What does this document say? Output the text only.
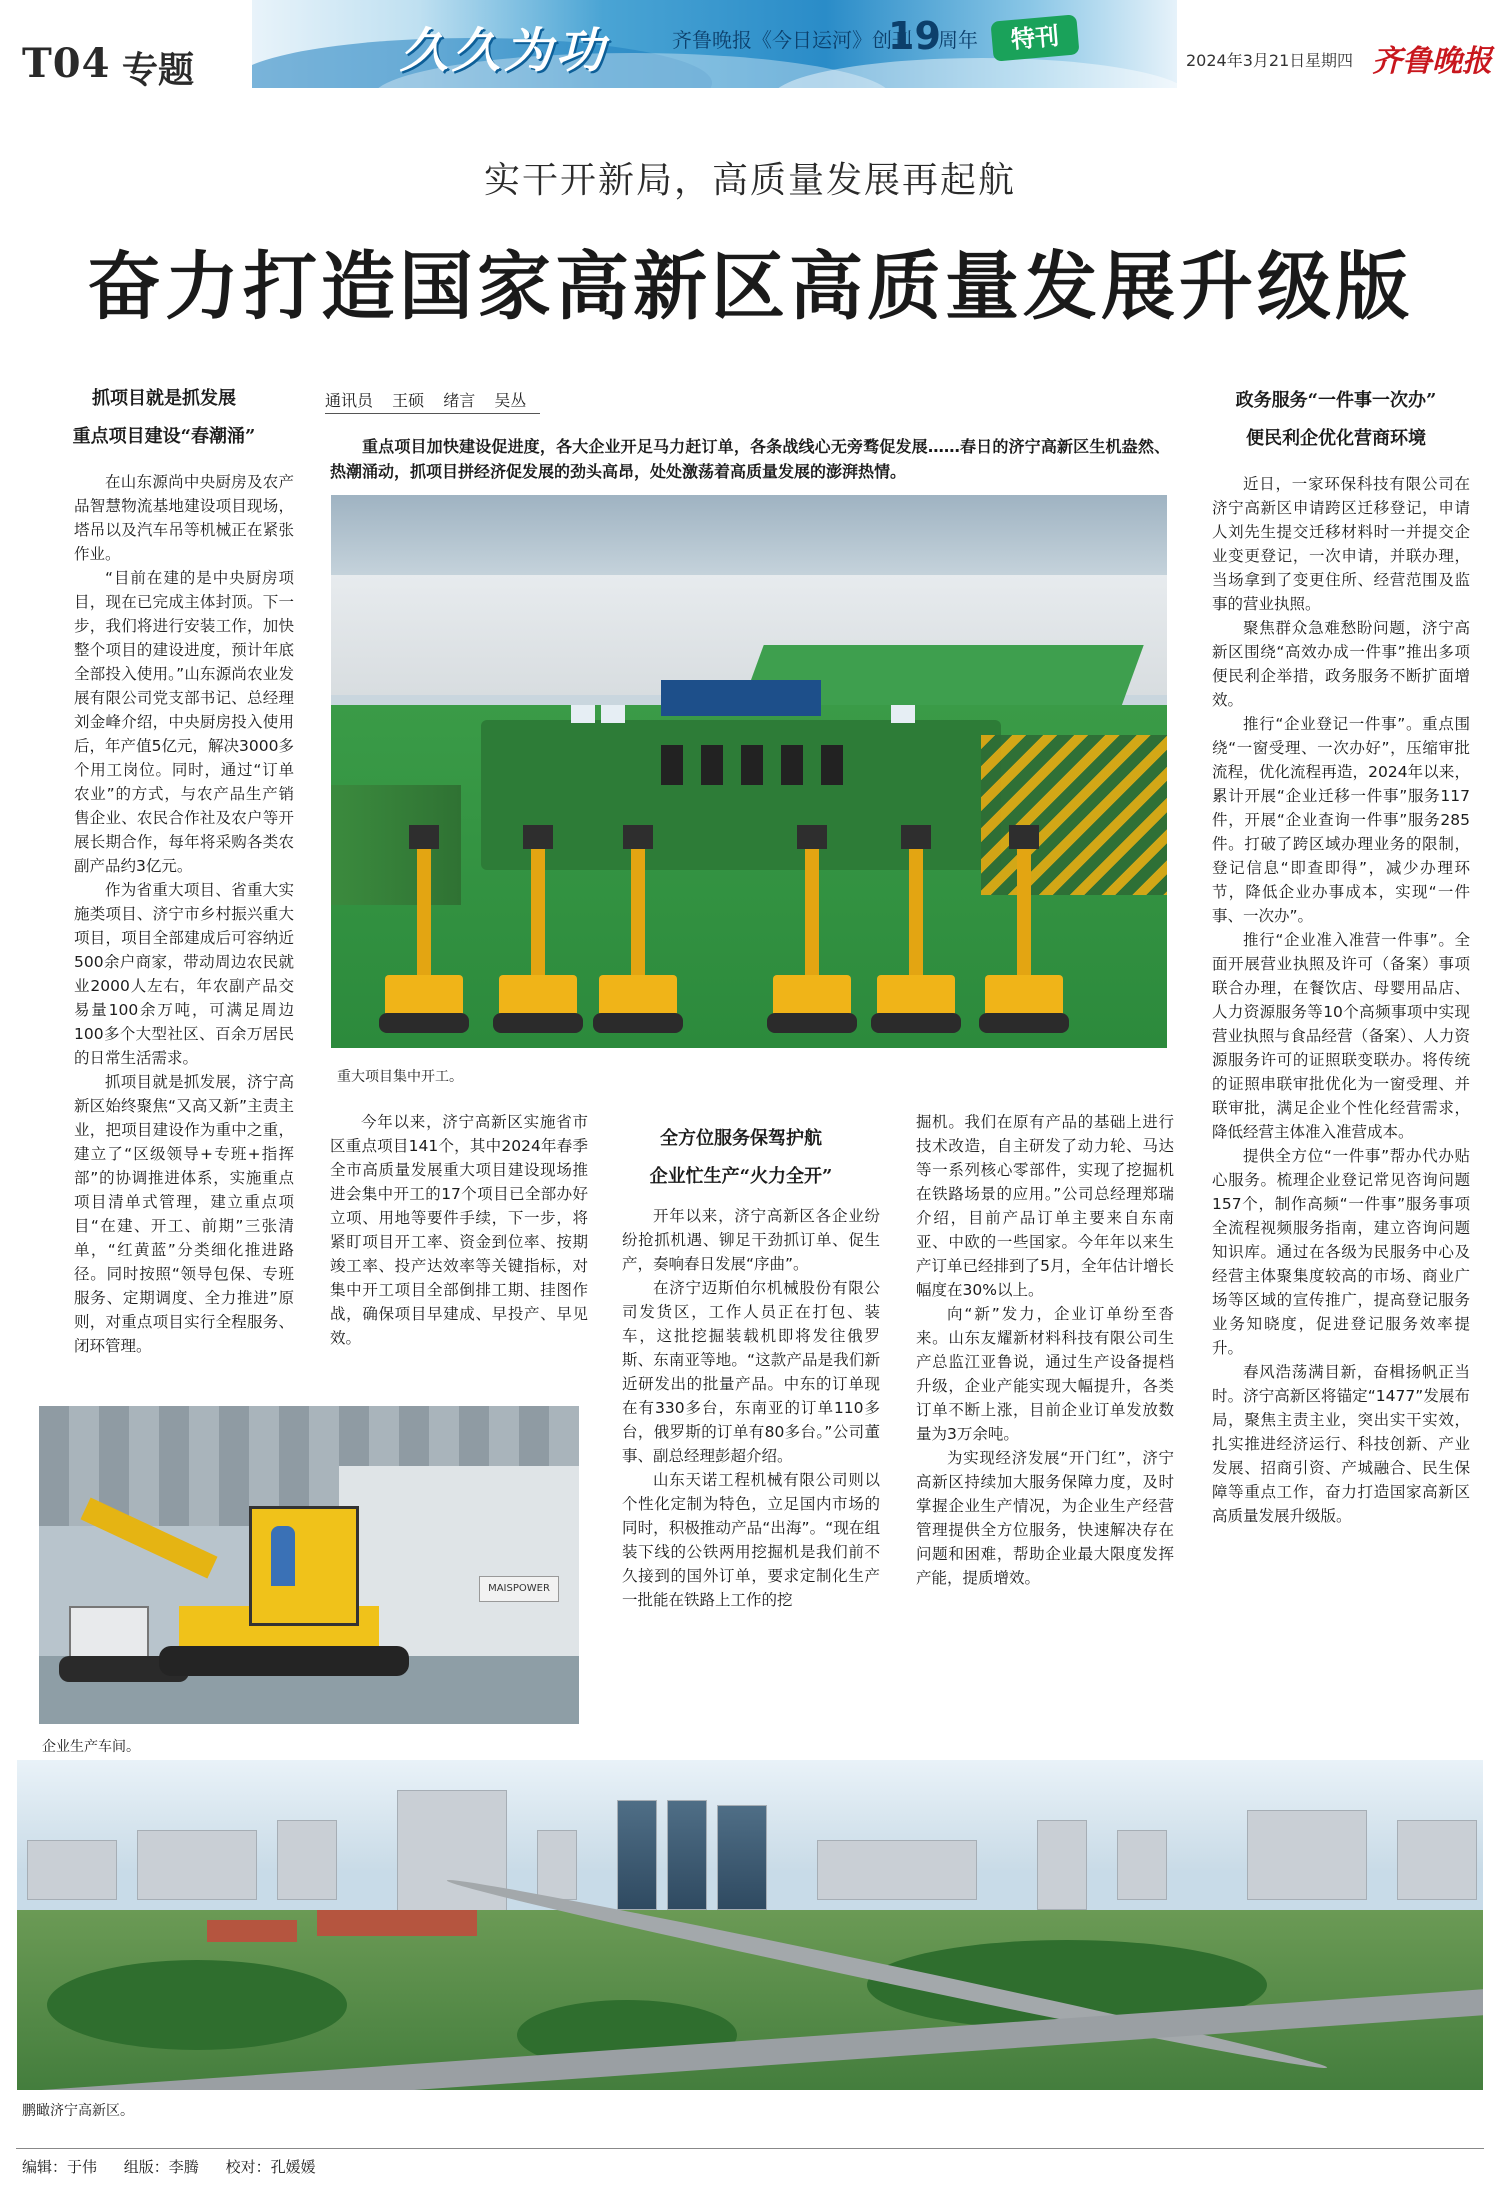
T04 专题	久久为功	齐鲁晚报《今日运河》创刊
19
周年	特刊
2024年3月21日 星期四 齐鲁晚报
实干开新局，高质量发展再起航
奋力打造国家高新区高质量发展升级版
抓项目就是抓发展
重点项目建设“春潮涌”

在山东源尚中央厨房及农产品智慧物流基地建设项目现场，塔吊以及汽车吊等机械正在紧张作业。

“目前在建的是中央厨房项目，现在已完成主体封顶。下一步，我们将进行安装工作，加快整个项目的建设进度，预计年底全部投入使用。”山东源尚农业发展有限公司党支部书记、总经理刘金峰介绍，中央厨房投入使用后，年产值5亿元，解决3000多个用工岗位。同时，通过“订单农业”的方式，与农产品生产销售企业、农民合作社及农户等开展长期合作，每年将采购各类农副产品约3亿元。

作为省重大项目、省重大实施类项目、济宁市乡村振兴重大项目，项目全部建成后可容纳近500余户商家，带动周边农民就业2000人左右，年农副产品交易量100余万吨，可满足周边100多个大型社区、百余万居民的日常生活需求。

抓项目就是抓发展，济宁高新区始终聚焦“又高又新”主责主业，把项目建设作为重中之重，建立了“区级领导+专班+指挥部”的协调推进体系，实施重点项目清单式管理，建立重点项目“在建、开工、前期”三张清单，“红黄蓝”分类细化推进路径。同时按照“领导包保、专班服务、定期调度、全力推进”原则，对重点项目实行全程服务、闭环管理。

通讯员 王硕 绪言 吴丛
重点项目加快建设促进度，各大企业开足马力赶订单，各条战线心无旁骛促发展……春日的济宁高新区生机盎然、热潮涌动，抓项目拼经济促发展的劲头高昂，处处激荡着高质量发展的澎湃热情。
重大项目集中开工。

今年以来，济宁高新区实施省市区重点项目141个，其中2024年春季全市高质量发展重大项目建设现场推进会集中开工的17个项目已全部办好立项、用地等要件手续，下一步，将紧盯项目开工率、资金到位率、按期竣工率、投产达效率等关键指标，对集中开工项目全部倒排工期、挂图作战，确保项目早建成、早投产、早见效。

全方位服务保驾护航
企业忙生产“火力全开”

开年以来，济宁高新区各企业纷纷抢抓机遇、铆足干劲抓订单、促生产，奏响春日发展“序曲”。

在济宁迈斯伯尔机械股份有限公司发货区，工作人员正在打包、装车，这批挖掘装载机即将发往俄罗斯、东南亚等地。“这款产品是我们新近研发出的批量产品。中东的订单现在有330多台，东南亚的订单110多台，俄罗斯的订单有80多台。”公司董事、副总经理彭超介绍。

山东天诺工程机械有限公司则以个性化定制为特色，立足国内市场的同时，积极推动产品“出海”。“现在组装下线的公铁两用挖掘机是我们前不久接到的国外订单，要求定制化生产一批能在铁路上工作的挖

掘机。我们在原有产品的基础上进行技术改造，自主研发了动力轮、马达等一系列核心零部件，实现了挖掘机在铁路场景的应用。”公司总经理郑瑞介绍，目前产品订单主要来自东南亚、中欧的一些国家。今年年以来生产订单已经排到了5月，全年估计增长幅度在30%以上。

向“新”发力，企业订单纷至沓来。山东友耀新材料科技有限公司生产总监江亚鲁说，通过生产设备提档升级，企业产能实现大幅提升，各类订单不断上涨，目前企业订单发放数量为3万余吨。

为实现经济发展“开门红”，济宁高新区持续加大服务保障力度，及时掌握企业生产情况，为企业生产经营管理提供全方位服务，快速解决存在问题和困难，帮助企业最大限度发挥产能，提质增效。

政务服务“一件事一次办”
便民利企优化营商环境

近日，一家环保科技有限公司在济宁高新区申请跨区迁移登记，申请人刘先生提交迁移材料时一并提交企业变更登记，一次申请，并联办理，当场拿到了变更住所、经营范围及监事的营业执照。

聚焦群众急难愁盼问题，济宁高新区围绕“高效办成一件事”推出多项便民利企举措，政务服务不断扩面增效。

推行“企业登记一件事”。重点围绕“一窗受理、一次办好”，压缩审批流程，优化流程再造，2024年以来，累计开展“企业迁移一件事”服务117件，开展“企业查询一件事”服务285件。打破了跨区域办理业务的限制，登记信息“即查即得”，减少办理环节，降低企业办事成本，实现“一件事、一次办”。

推行“企业准入准营一件事”。全面开展营业执照及许可（备案）事项联合办理，在餐饮店、母婴用品店、人力资源服务等10个高频事项中实现营业执照与食品经营（备案）、人力资源服务许可的证照联变联办。将传统的证照串联审批优化为一窗受理、并联审批，满足企业个性化经营需求，降低经营主体准入准营成本。

提供全方位“一件事”帮办代办贴心服务。梳理企业登记常见咨询问题157个，制作高频“一件事”服务事项全流程视频服务指南，建立咨询问题知识库。通过在各级为民服务中心及经营主体聚集度较高的市场、商业广场等区域的宣传推广，提高登记服务业务知晓度，促进登记服务效率提升。

春风浩荡满目新，奋楫扬帆正当时。济宁高新区将锚定“1477”发展布局，聚焦主责主业，突出实干实效，扎实推进经济运行、科技创新、产业发展、招商引资、产城融合、民生保障等重点工作，奋力打造国家高新区高质量发展升级版。

MAISPOWER
企业生产车间。
鹏瞰济宁高新区。
编辑：于伟 组版：李腾 校对：孔媛媛
